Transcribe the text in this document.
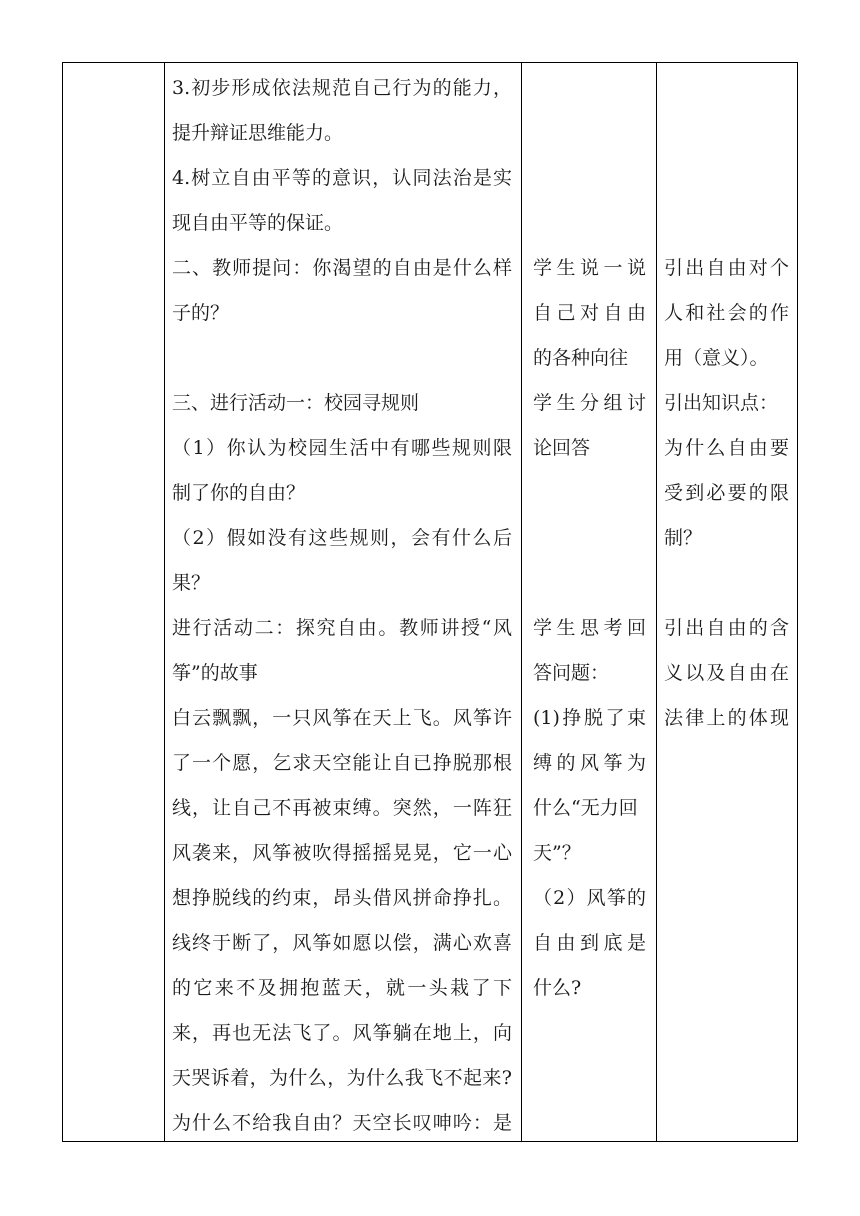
3.初步形成依法规范自己行为的能力，
提升辩证思维能力。
4.树立自由平等的意识，认同法治是实
现自由平等的保证。
二、教师提问：你渴望的自由是什么样
子的？
三、进行活动一：校园寻规则
（1）你认为校园生活中有哪些规则限
制了你的自由？
（2）假如没有这些规则，会有什么后
果？
进行活动二：探究自由。教师讲授“风
筝”的故事
白云飘飘，一只风筝在天上飞。风筝许
了一个愿，乞求天空能让自已挣脱那根
线，让自己不再被束缚。突然，一阵狂
风袭来，风筝被吹得摇摇晃晃，它一心
想挣脱线的约束，昂头借风拼命挣扎。
线终于断了，风筝如愿以偿，满心欢喜
的它来不及拥抱蓝天，就一头栽了下
来，再也无法飞了。风筝躺在地上，向
天哭诉着，为什么，为什么我飞不起来?
为什么不给我自由？天空长叹呻吟：是
学生说一说
自己对自由
的各种向往
学生分组讨
论回答
学生思考回
答问题：
(1)挣脱了束
缚的风筝为
什么“无力回
天”？
（2）风筝的
自由到底是
什么?
引出自由对个
人和社会的作
用（意义）。
引出知识点：
为什么自由要
受到必要的限
制？
引出自由的含
义以及自由在
法律上的体现
